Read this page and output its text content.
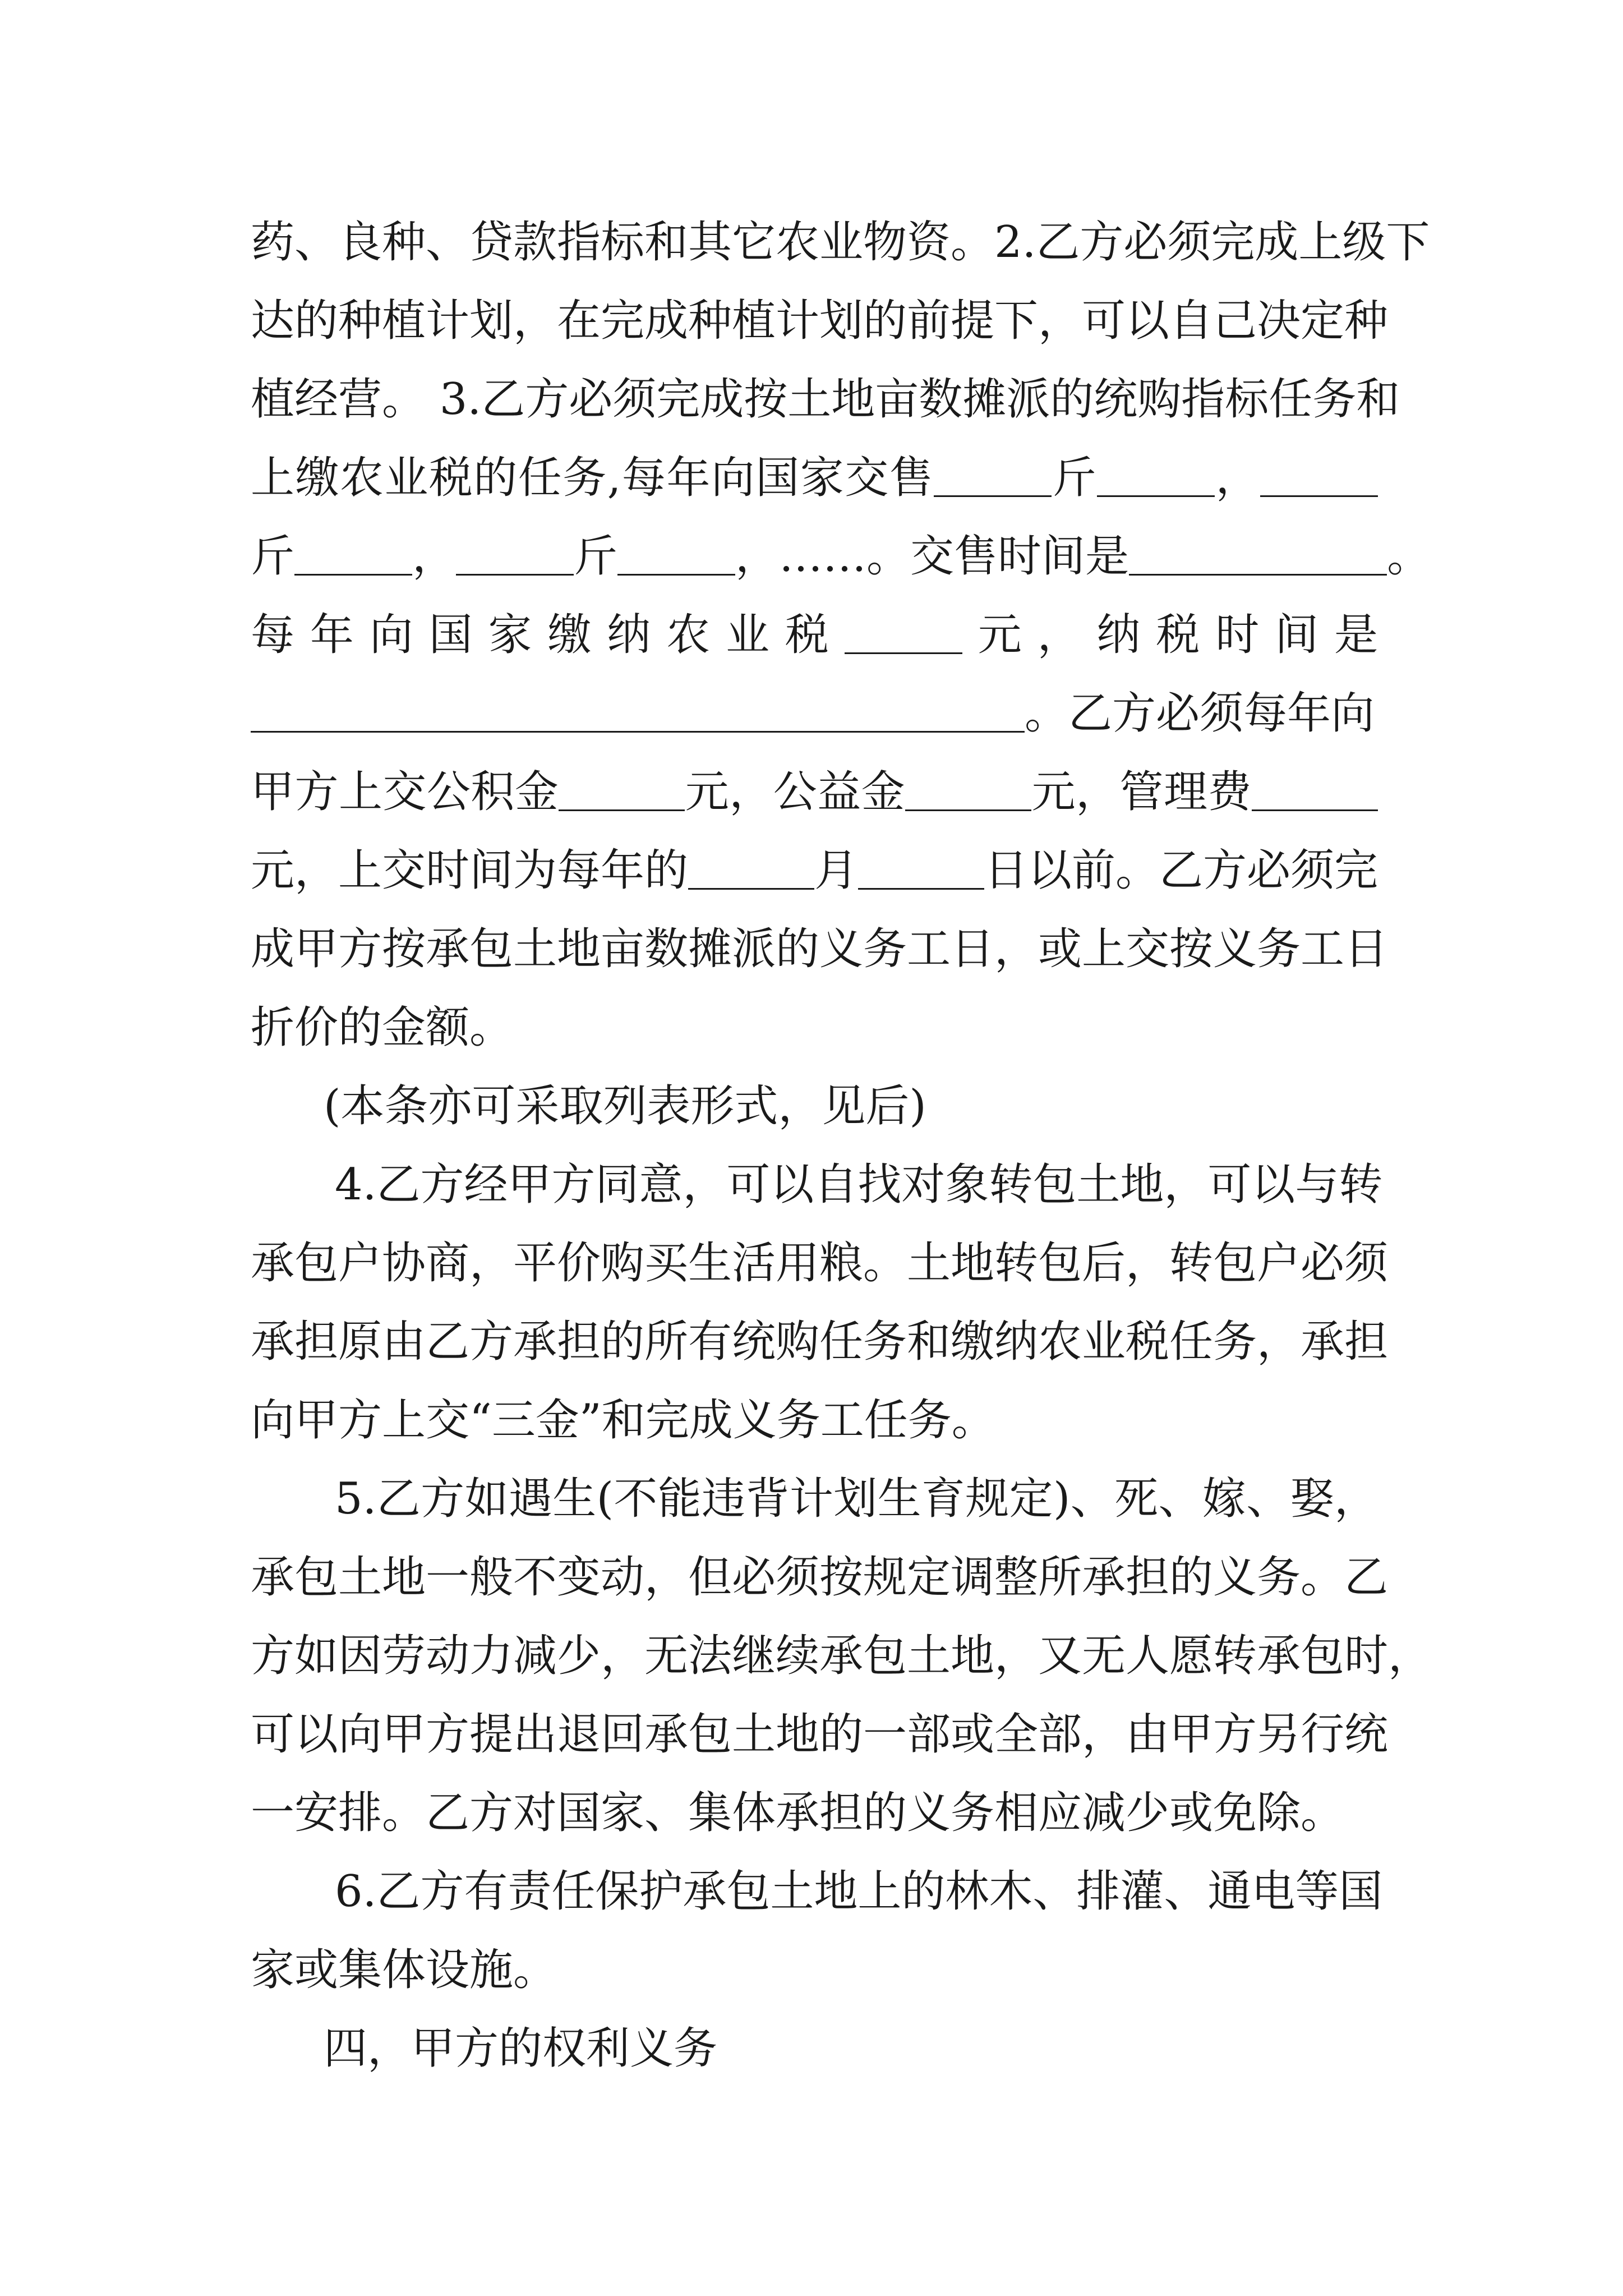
药、良种、贷款指标和其它农业物资。2.乙方必须完成上级下
达的种植计划，在完成种植计划的前提下，可以自己决定种
植经营。 3.乙方必须完成按土地亩数摊派的统购指标任务和
上缴农业税的任务,每年向国家交售	斤	，
斤	，	斤	，……。交售时间是	。
每年向国家缴纳农业税	元，纳税时间是
。乙方必须每年向
甲方上交公积金	元，公益金	元，管理费
元，上交时间为每年的	月	日以前。乙方必须完
成甲方按承包土地亩数摊派的义务工日，或上交按义务工日
折价的金额。
(本条亦可采取列表形式，见后)
4.乙方经甲方同意，可以自找对象转包土地，可以与转
承包户协商，平价购买生活用粮。土地转包后，转包户必须
承担原由乙方承担的所有统购任务和缴纳农业税任务，承担
向甲方上交“三金”和完成义务工任务。
5.乙方如遇生(不能违背计划生育规定)、死、嫁、娶，
承包土地一般不变动，但必须按规定调整所承担的义务。乙
方如因劳动力减少，无法继续承包土地，又无人愿转承包时，
可以向甲方提出退回承包土地的一部或全部，由甲方另行统
一安排。乙方对国家、集体承担的义务相应减少或免除。
6.乙方有责任保护承包土地上的林木、排灌、通电等国
家或集体设施。
四，甲方的权利义务
